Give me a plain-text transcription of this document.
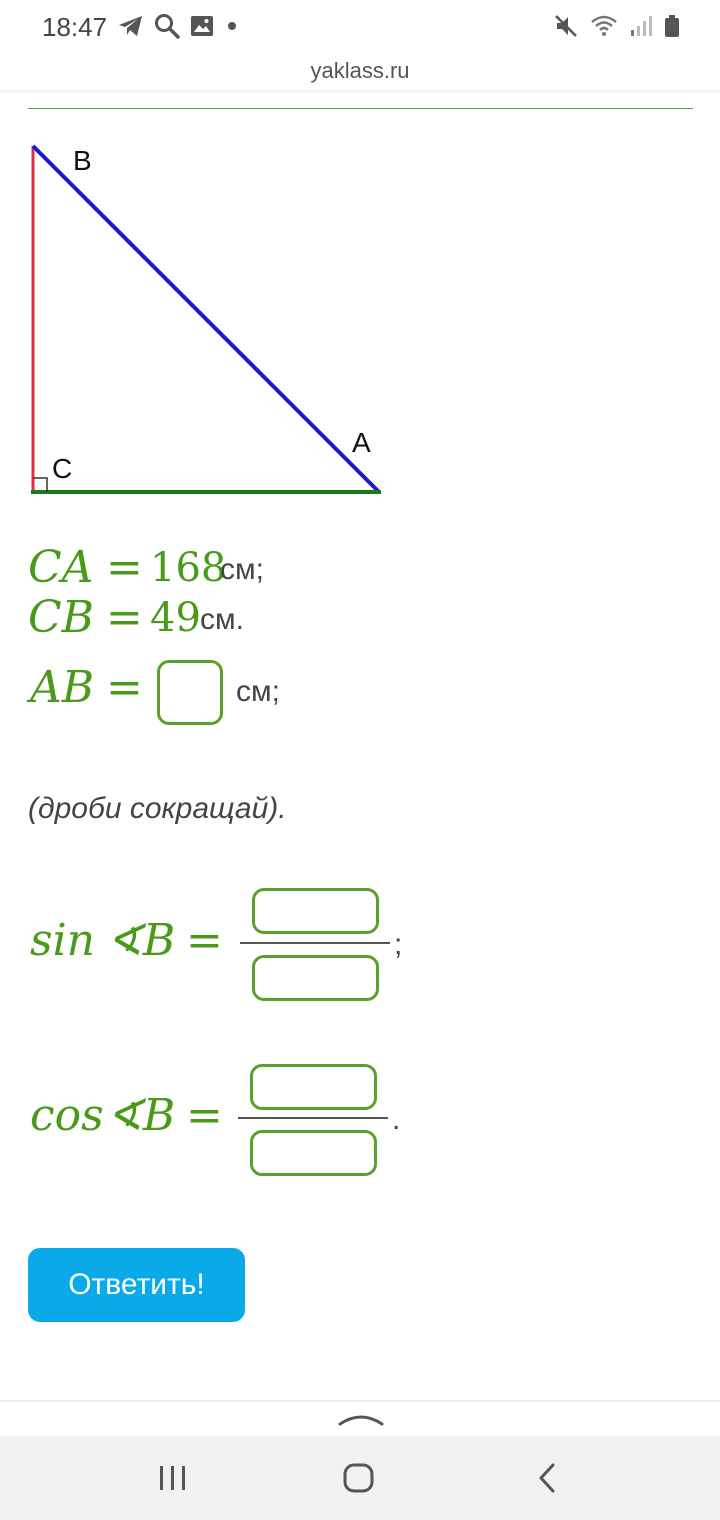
18:47
yaklass.ru
B
A
C
CA = 168
см;
CB = 49 см.
AB =	см;
(дроби сокращай).
sin ∢B =	;
cos ∢B =	.
Ответить!
